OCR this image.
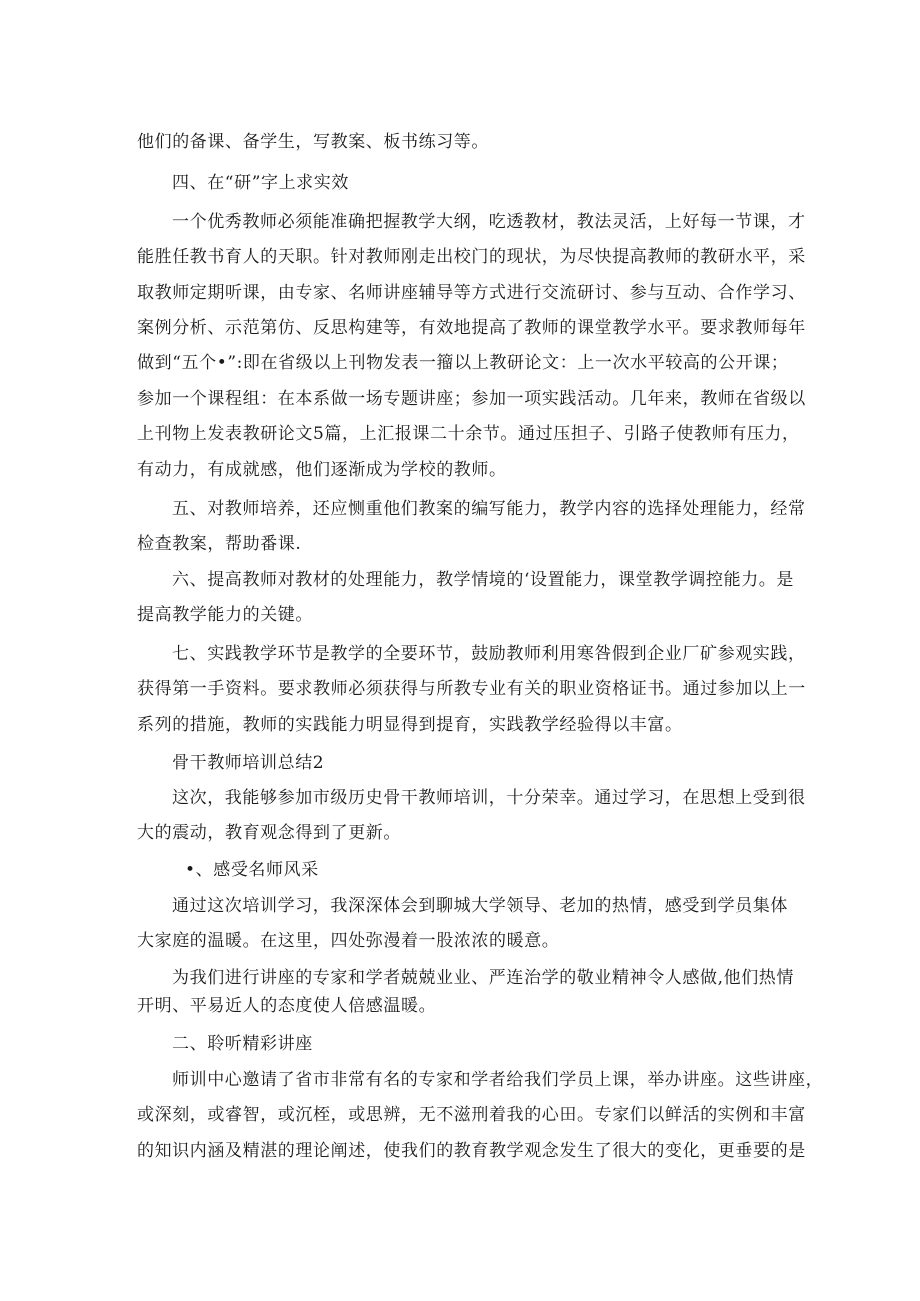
他们的备课、备学生，写教案、板书练习等。
四、在“研”字上求实效
一个优秀教师必须能准确把握教学大纲，吃透教材，教法灵活，上好每一节课，才
能胜任教书育人的天职。针对教师刚走出校门的现状，为尽快提高教师的教研水平，采
取教师定期听课，由专家、名师讲座辅导等方式进行交流研讨、参与互动、合作学习、
案例分析、示范第仿、反思构建等，有效地提高了教师的课堂教学水平。要求教师每年
做到“五个•”:即在省级以上刊物发表一籀以上教研论文：上一次水平较高的公开课；
参加一个课程组：在本系做一场专题讲座；参加一项实践活动。几年来，教师在省级以
上刊物上发表教研论文5篇，上汇报课二十余节。通过压担子、引路子使教师有压力，
有动力，有成就感，他们逐渐成为学校的教师。
五、对教师培养，还应恻重他们教案的编写能力，教学内容的选择处理能力，经常
检查教案，帮助番课.
六、提高教师对教材的处理能力，教学情境的‘设置能力，课堂教学调控能力。是
提高教学能力的关键。
七、实践教学环节是教学的全要环节，鼓励教师利用寒咎假到企业厂矿参观实践，
获得第一手资料。要求教师必须获得与所教专业有关的职业资格证书。通过参加以上一
系列的措施，教师的实践能力明显得到提育，实践教学经验得以丰富。
骨干教师培训总结2
这次，我能够参加市级历史骨干教师培训，十分荣幸。通过学习，在思想上受到很
大的震动，教育观念得到了更新。
•、感受名师风采
通过这次培训学习，我深深体会到聊城大学领导、老加的热情，感受到学员集体
大家庭的温暖。在这里，四处弥漫着一股浓浓的暖意。
为我们进行讲座的专家和学者兢兢业业、严连治学的敬业精神令人感做,他们热情
开明、平易近人的态度使人倍感温暖。
二、聆听精彩讲座
师训中心邀请了省市非常有名的专家和学者给我们学员上课，举办讲座。这些讲座，
或深刻，或睿智，或沉桎，或思辨，无不滋刑着我的心田。专家们以鲜活的实例和丰富
的知识内涵及精湛的理论阐述，使我们的教育教学观念发生了很大的变化，更垂要的是
